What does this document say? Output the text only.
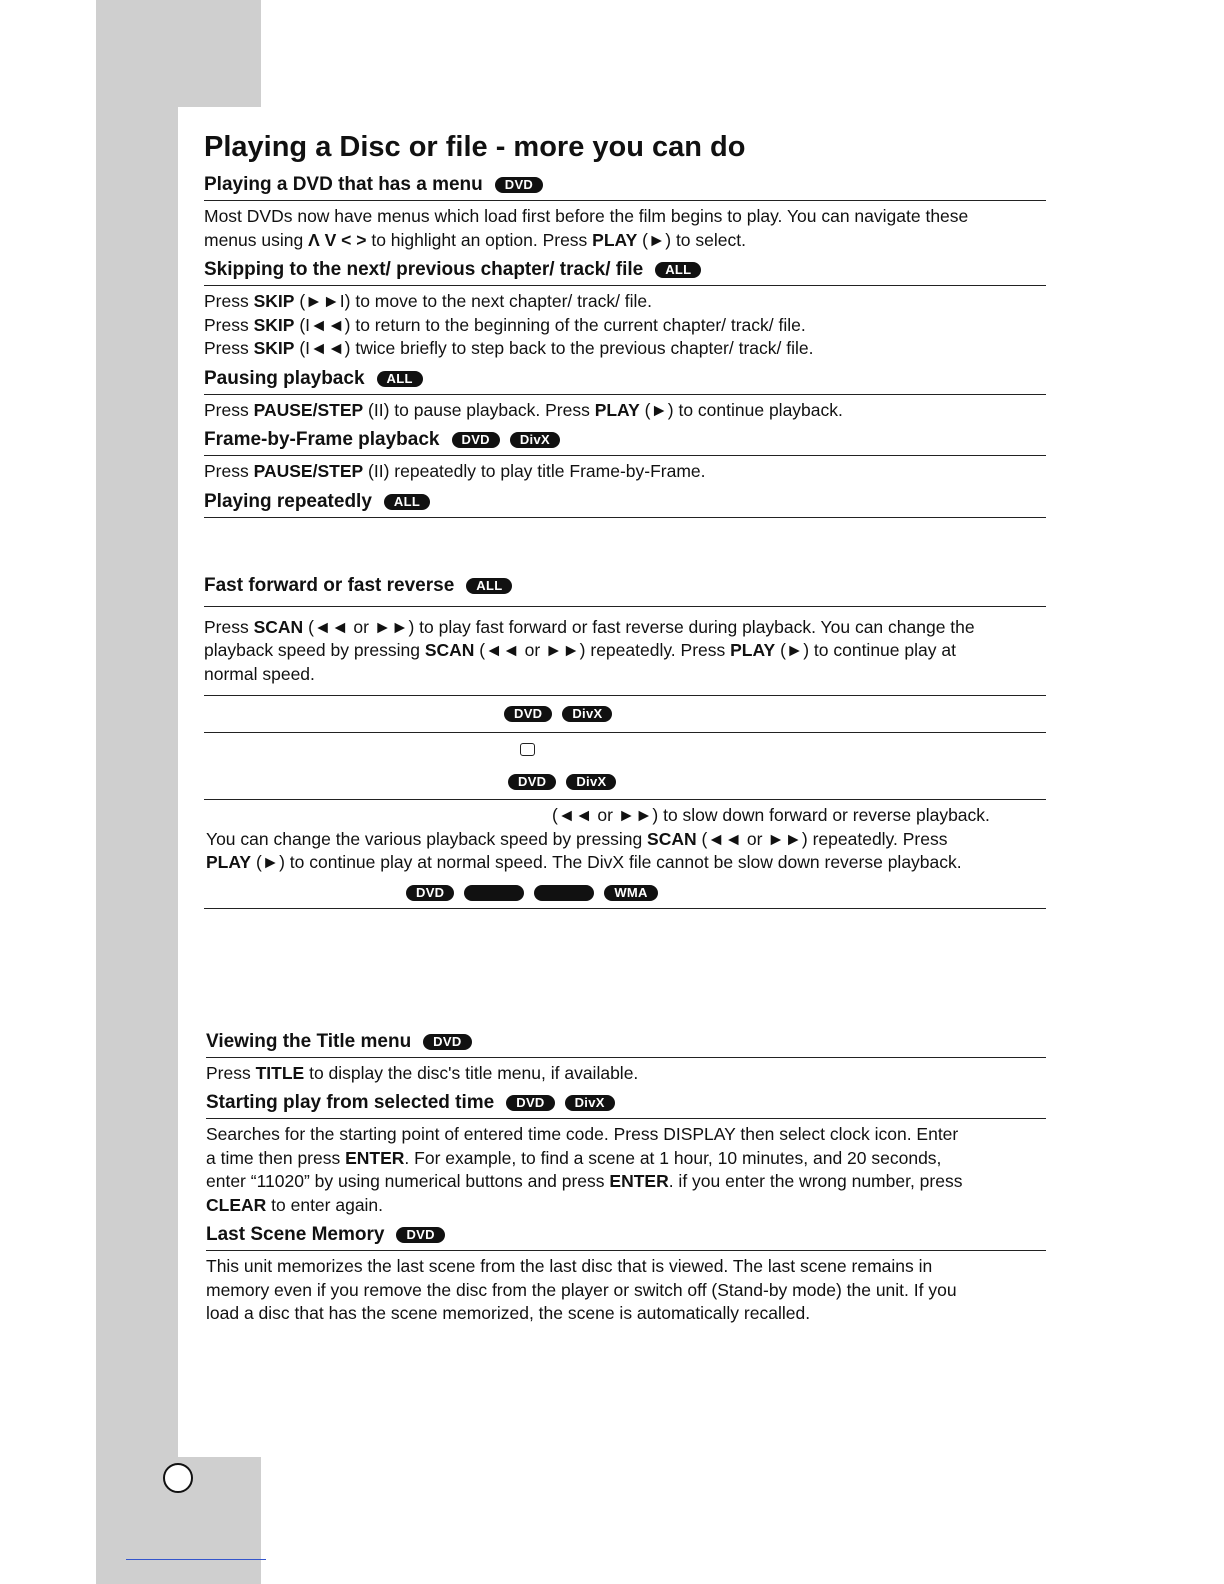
Playing a Disc or file - more you can do
Playing a DVD that has a menu	DVD
Most DVDs now have menus which load first before the film begins to play. You can navigate these
menus using Λ V < > to highlight an option. Press PLAY (►) to select.
Skipping to the next/ previous chapter/ track/ file	ALL
Press SKIP (►►I) to move to the next chapter/ track/ file.
Press SKIP (I◄◄) to return to the beginning of the current chapter/ track/ file.
Press SKIP (I◄◄) twice briefly to step back to the previous chapter/ track/ file.
Pausing playback	ALL
Press PAUSE/STEP (II) to pause playback. Press PLAY (►) to continue playback.
Frame-by-Frame playback	DVD	DivX
Press PAUSE/STEP (II) repeatedly to play title Frame-by-Frame.
Playing repeatedly	ALL
Fast forward or fast reverse	ALL
Press SCAN (◄◄ or ►►) to play fast forward or fast reverse during playback. You can change the
playback speed by pressing SCAN (◄◄ or ►►) repeatedly. Press PLAY (►) to continue play at
normal speed.
DVD	DivX
DVD	DivX
(◄◄ or ►►) to slow down forward or reverse playback.
You can change the various playback speed by pressing SCAN (◄◄ or ►►) repeatedly. Press
PLAY (►) to continue play at normal speed. The DivX file cannot be slow down reverse playback.
DVD	WMA
Viewing the Title menu	DVD
Press TITLE to display the disc's title menu, if available.
Starting play from selected time	DVD	DivX
Searches for the starting point of entered time code. Press DISPLAY then select clock icon. Enter
a time then press ENTER. For example, to find a scene at 1 hour, 10 minutes, and 20 seconds,
enter “11020” by using numerical buttons and press ENTER. if you enter the wrong number, press
CLEAR to enter again.
Last Scene Memory	DVD
This unit memorizes the last scene from the last disc that is viewed. The last scene remains in
memory even if you remove the disc from the player or switch off (Stand-by mode) the unit. If you
load a disc that has the scene memorized, the scene is automatically recalled.
